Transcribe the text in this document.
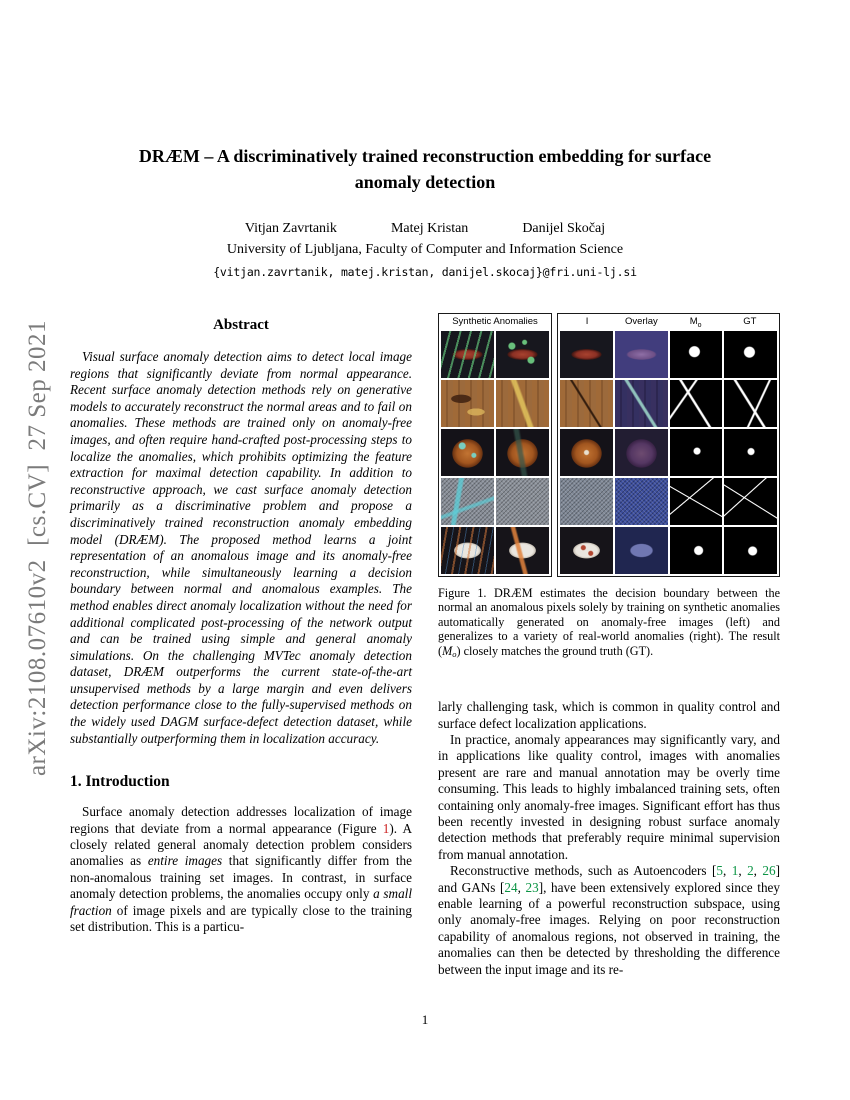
arXiv:2108.07610v2  [cs.CV]  27 Sep 2021
DRÆM – A discriminatively trained reconstruction embedding for surface anomaly detection
Vitjan Zavrtanik	Matej Kristan	Danijel Skočaj
University of Ljubljana, Faculty of Computer and Information Science
{vitjan.zavrtanik, matej.kristan, danijel.skocaj}@fri.uni-lj.si
Abstract

Visual surface anomaly detection aims to detect local image regions that significantly deviate from normal appearance. Recent surface anomaly detection methods rely on generative models to accurately reconstruct the normal areas and to fail on anomalies. These methods are trained only on anomaly-free images, and often require hand-crafted post-processing steps to localize the anomalies, which prohibits optimizing the feature extraction for maximal detection capability. In addition to reconstructive approach, we cast surface anomaly detection primarily as a discriminative problem and propose a discriminatively trained reconstruction anomaly embedding model (DRÆM). The proposed method learns a joint representation of an anomalous image and its anomaly-free reconstruction, while simultaneously learning a decision boundary between normal and anomalous examples. The method enables direct anomaly localization without the need for additional complicated post-processing of the network output and can be trained using simple and general anomaly simulations. On the challenging MVTec anomaly detection dataset, DRÆM outperforms the current state-of-the-art unsupervised methods by a large margin and even delivers detection performance close to the fully-supervised methods on the widely used DAGM surface-defect detection dataset, while substantially outperforming them in localization accuracy.

1. Introduction

Surface anomaly detection addresses localization of image regions that deviate from a normal appearance (Figure 1). A closely related general anomaly detection problem considers anomalies as entire images that significantly differ from the non-anomalous training set images. In contrast, in surface anomaly detection problems, the anomalies occupy only a small fraction of image pixels and are typically close to the training set distribution. This is a particu-

Synthetic Anomalies	I	Overlay	$M_o$	GT
Figure 1. DRÆM estimates the decision boundary between the normal an anomalous pixels solely by training on synthetic anomalies automatically generated on anomaly-free images (left) and generalizes to a variety of real-world anomalies (right). The result (Mo) closely matches the ground truth (GT).

larly challenging task, which is common in quality control and surface defect localization applications.

In practice, anomaly appearances may significantly vary, and in applications like quality control, images with anomalies present are rare and manual annotation may be overly time consuming. This leads to highly imbalanced training sets, often containing only anomaly-free images. Significant effort has thus been recently invested in designing robust surface anomaly detection methods that preferably require minimal supervision from manual annotation.

Reconstructive methods, such as Autoencoders [5, 1, 2, 26] and GANs [24, 23], have been extensively explored since they enable learning of a powerful reconstruction subspace, using only anomaly-free images. Relying on poor reconstruction capability of anomalous regions, not observed in training, the anomalies can then be detected by thresholding the difference between the input image and its re-

1
